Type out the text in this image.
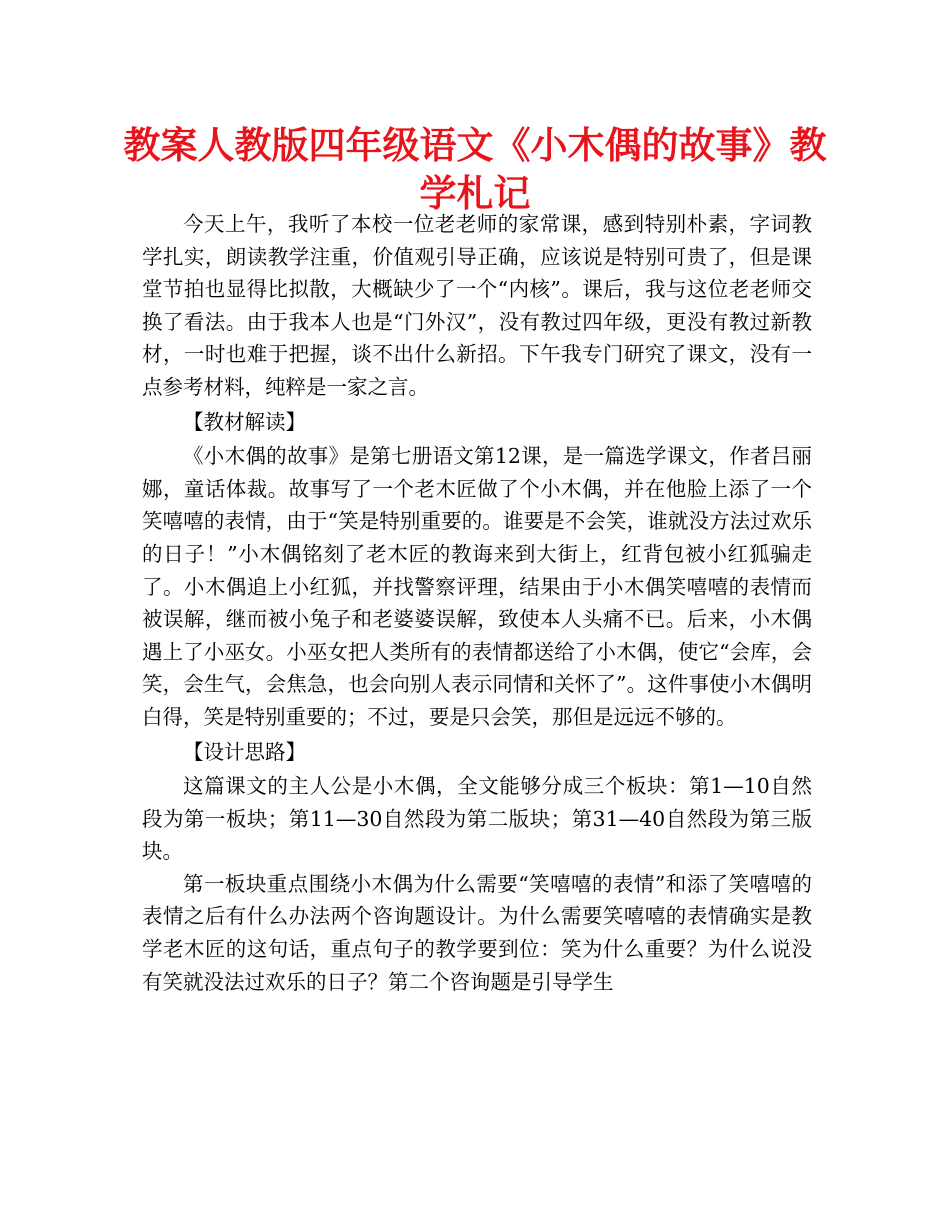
教案人教版四年级语文《小木偶的故事》教学札记

今天上午，我听了本校一位老老师的家常课，感到特别朴素，字词教学扎实，朗读教学注重，价值观引导正确，应该说是特别可贵了，但是课堂节拍也显得比拟散，大概缺少了一个“内核”。课后，我与这位老老师交换了看法。由于我本人也是“门外汉”，没有教过四年级，更没有教过新教材，一时也难于把握，谈不出什么新招。下午我专门研究了课文，没有一点参考材料，纯粹是一家之言。

【教材解读】

《小木偶的故事》是第七册语文第12课，是一篇选学课文，作者吕丽娜，童话体裁。故事写了一个老木匠做了个小木偶，并在他脸上添了一个笑嘻嘻的表情，由于“笑是特别重要的。谁要是不会笑，谁就没方法过欢乐的日子！”小木偶铭刻了老木匠的教诲来到大街上，红背包被小红狐骗走了。小木偶追上小红狐，并找警察评理，结果由于小木偶笑嘻嘻的表情而被误解，继而被小兔子和老婆婆误解，致使本人头痛不已。后来，小木偶遇上了小巫女。小巫女把人类所有的表情都送给了小木偶，使它“会库，会笑，会生气，会焦急，也会向别人表示同情和关怀了”。这件事使小木偶明白得，笑是特别重要的；不过，要是只会笑，那但是远远不够的。

【设计思路】

这篇课文的主人公是小木偶，全文能够分成三个板块：第1—10自然段为第一板块；第11—30自然段为第二版块；第31—40自然段为第三版块。

第一板块重点围绕小木偶为什么需要“笑嘻嘻的表情”和添了笑嘻嘻的表情之后有什么办法两个咨询题设计。为什么需要笑嘻嘻的表情确实是教学老木匠的这句话，重点句子的教学要到位：笑为什么重要？为什么说没有笑就没法过欢乐的日子？第二个咨询题是引导学生
